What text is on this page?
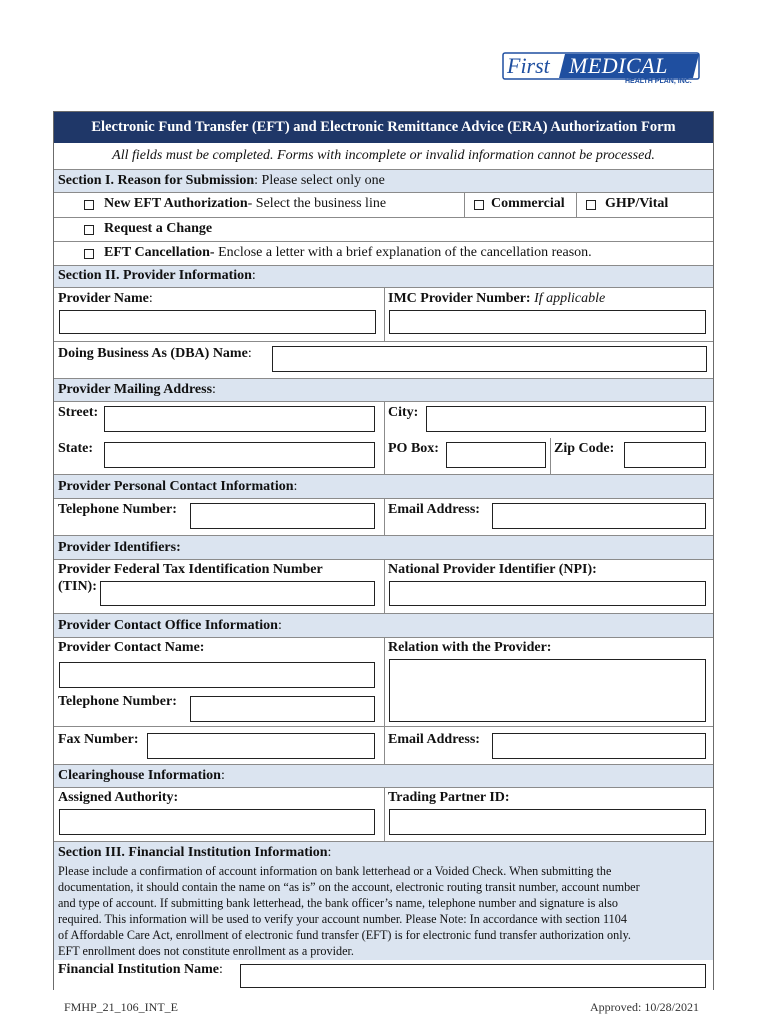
First MEDICAL
HEALTH PLAN, INC.
Electronic Fund Transfer (EFT) and Electronic Remittance Advice (ERA) Authorization Form
All fields must be completed. Forms with incomplete or invalid information cannot be processed.
Section I. Reason for Submission: Please select only one
New EFT Authorization- Select the business line	Commercial	GHP/Vital
Request a Change
EFT Cancellation- Enclose a letter with a brief explanation of the cancellation reason.
Section II. Provider Information:
Provider Name:	IMC Provider Number: If applicable
Doing Business As (DBA) Name:
Provider Mailing Address:
Street:	City:
State:	PO Box:	Zip Code:
Provider Personal Contact Information:
Telephone Number:	Email Address:
Provider Identifiers:
Provider Federal Tax Identification Number
(TIN):
National Provider Identifier (NPI):
Provider Contact Office Information:
Provider Contact Name:
Telephone Number:
Relation with the Provider:
Fax Number:	Email Address:
Clearinghouse Information:
Assigned Authority:	Trading Partner ID:
Section III. Financial Institution Information:
Please include a confirmation of account information on bank letterhead or a Voided Check. When submitting the
documentation, it should contain the name on “as is” on the account, electronic routing transit number, account number
and type of account. If submitting bank letterhead, the bank officer’s name, telephone number and signature is also
required. This information will be used to verify your account number. Please Note: In accordance with section 1104
of Affordable Care Act, enrollment of electronic fund transfer (EFT) is for electronic fund transfer authorization only.
EFT enrollment does not constitute enrollment as a provider.
Financial Institution Name:
FMHP_21_106_INT_E	Approved: 10/28/2021
